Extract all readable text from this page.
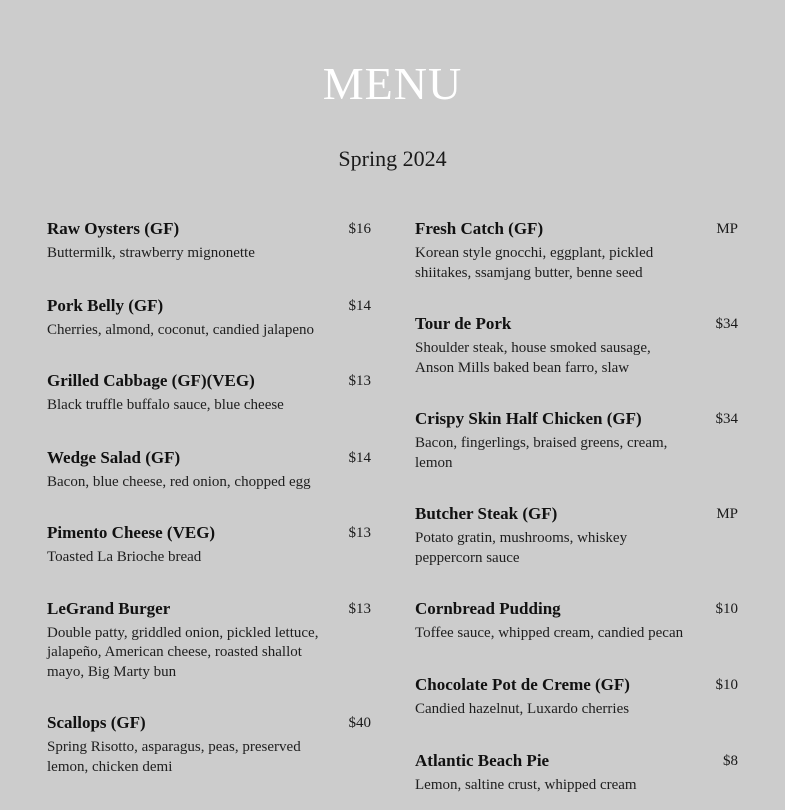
MENU
Spring 2024
Raw Oysters (GF)	$16
Buttermilk, strawberry mignonette
Pork Belly (GF)	$14
Cherries, almond, coconut, candied jalapeno
Grilled Cabbage (GF)(VEG)	$13
Black truffle buffalo sauce, blue cheese
Wedge Salad (GF)	$14
Bacon, blue cheese, red onion, chopped egg
Pimento Cheese (VEG)	$13
Toasted La Brioche bread
LeGrand Burger	$13
Double patty, griddled onion, pickled lettuce, jalapeño, American cheese, roasted shallot mayo, Big Marty bun
Scallops (GF)	$40
Spring Risotto, asparagus, peas, preserved lemon, chicken demi
Fresh Catch (GF)	MP
Korean style gnocchi, eggplant, pickled shiitakes, ssamjang butter, benne seed
Tour de Pork	$34
Shoulder steak, house smoked sausage, Anson Mills baked bean farro, slaw
Crispy Skin Half Chicken (GF)	$34
Bacon, fingerlings, braised greens, cream, lemon
Butcher Steak (GF)	MP
Potato gratin, mushrooms, whiskey peppercorn sauce
Cornbread Pudding	$10
Toffee sauce, whipped cream, candied pecan
Chocolate Pot de Creme (GF)	$10
Candied hazelnut, Luxardo cherries
Atlantic Beach Pie	$8
Lemon, saltine crust, whipped cream
